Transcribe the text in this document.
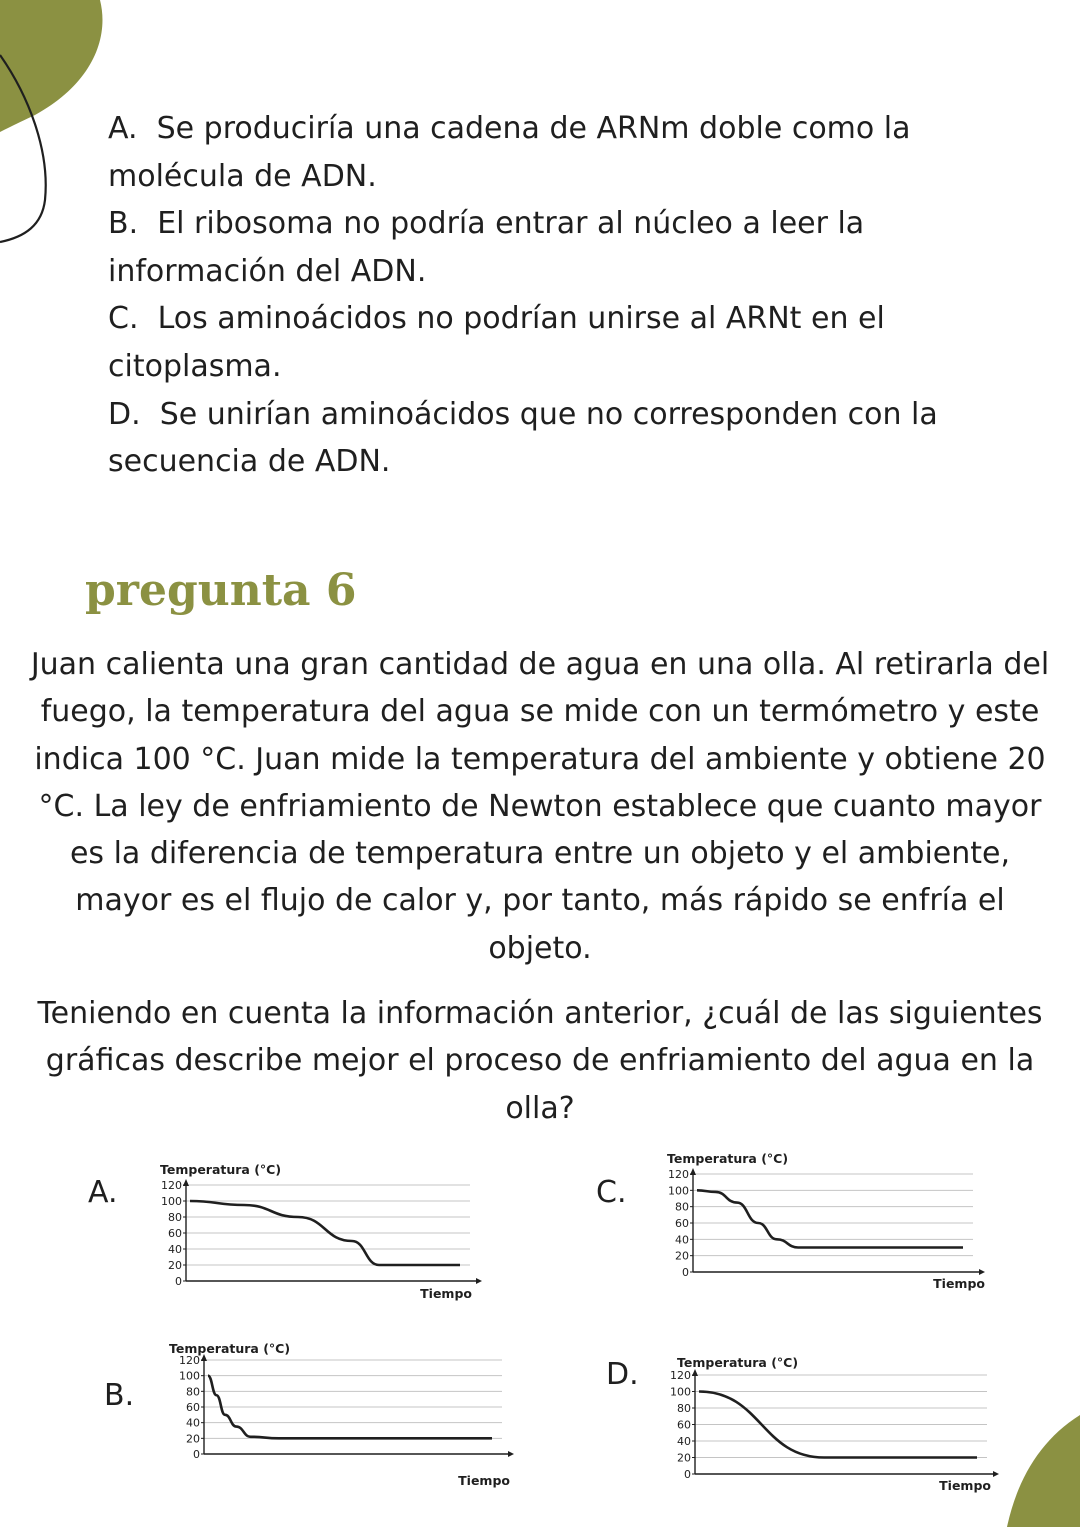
A. Se produciría una cadena de ARNm doble como la

molécula de ADN.

B. El ribosoma no podría entrar al núcleo a leer la

información del ADN.

C. Los aminoácidos no podrían unirse al ARNt en el

citoplasma.

D. Se unirían aminoácidos que no corresponden con la

secuencia de ADN.

pregunta 6

Juan calienta una gran cantidad de agua en una olla. Al retirarla del fuego, la temperatura del agua se mide con un termómetro y este indica 100 °C. Juan mide la temperatura del ambiente y obtiene 20 °C. La ley de enfriamiento de Newton establece que cuanto mayor es la diferencia de temperatura entre un objeto y el ambiente, mayor es el flujo de calor y, por tanto, más rápido se enfría el objeto.

Teniendo en cuenta la información anterior, ¿cuál de las siguientes gráficas describe mejor el proceso de enfriamiento del agua en la olla?

A.
B.
C.
D.
120
100
80
60
40
20
0
Temperatura (°C)
Tiempo
120
100
80
60
40
20
0
Temperatura (°C)
Tiempo
120
100
80
60
40
20
0
Temperatura (°C)
Tiempo
120
100
80
60
40
20
0
Temperatura (°C)
Tiempo
